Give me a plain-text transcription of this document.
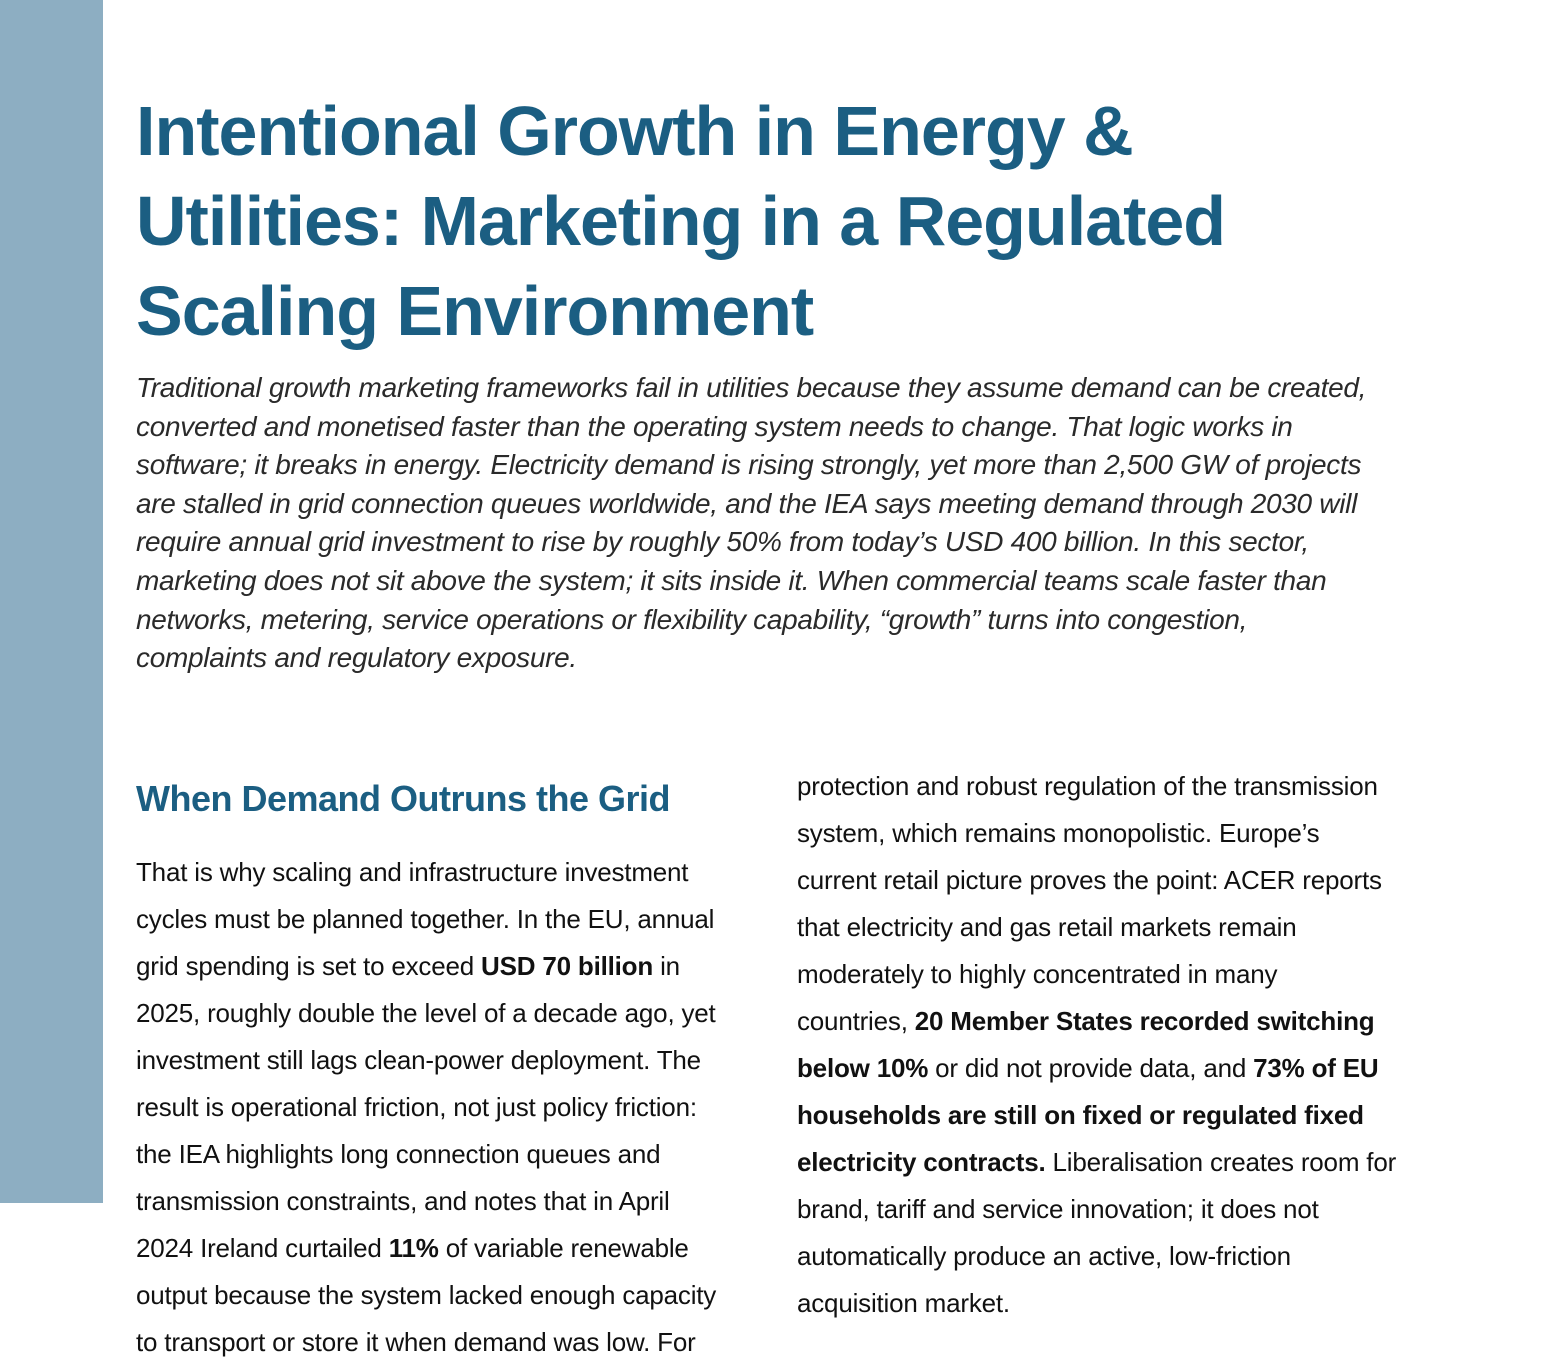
Intentional Growth in Energy &
Utilities: Marketing in a Regulated
Scaling Environment

Traditional growth marketing frameworks fail in utilities because they assume demand can be created,
converted and monetised faster than the operating system needs to change. That logic works in
software; it breaks in energy. Electricity demand is rising strongly, yet more than 2,500 GW of projects
are stalled in grid connection queues worldwide, and the IEA says meeting demand through 2030 will
require annual grid investment to rise by roughly 50% from today’s USD 400 billion. In this sector,
marketing does not sit above the system; it sits inside it. When commercial teams scale faster than
networks, metering, service operations or flexibility capability, “growth” turns into congestion,
complaints and regulatory exposure.

When Demand Outruns the Grid
That is why scaling and infrastructure investment
cycles must be planned together. In the EU, annual
grid spending is set to exceed USD 70 billion in
2025, roughly double the level of a decade ago, yet
investment still lags clean-power deployment. The
result is operational friction, not just policy friction:
the IEA highlights long connection queues and
transmission constraints, and notes that in April
2024 Ireland curtailed 11% of variable renewable
output because the system lacked enough capacity
to transport or store it when demand was low. For
protection and robust regulation of the transmission
system, which remains monopolistic. Europe’s
current retail picture proves the point: ACER reports
that electricity and gas retail markets remain
moderately to highly concentrated in many
countries, 20 Member States recorded switching
below 10% or did not provide data, and 73% of EU
households are still on fixed or regulated fixed
electricity contracts. Liberalisation creates room for
brand, tariff and service innovation; it does not
automatically produce an active, low-friction
acquisition market.
